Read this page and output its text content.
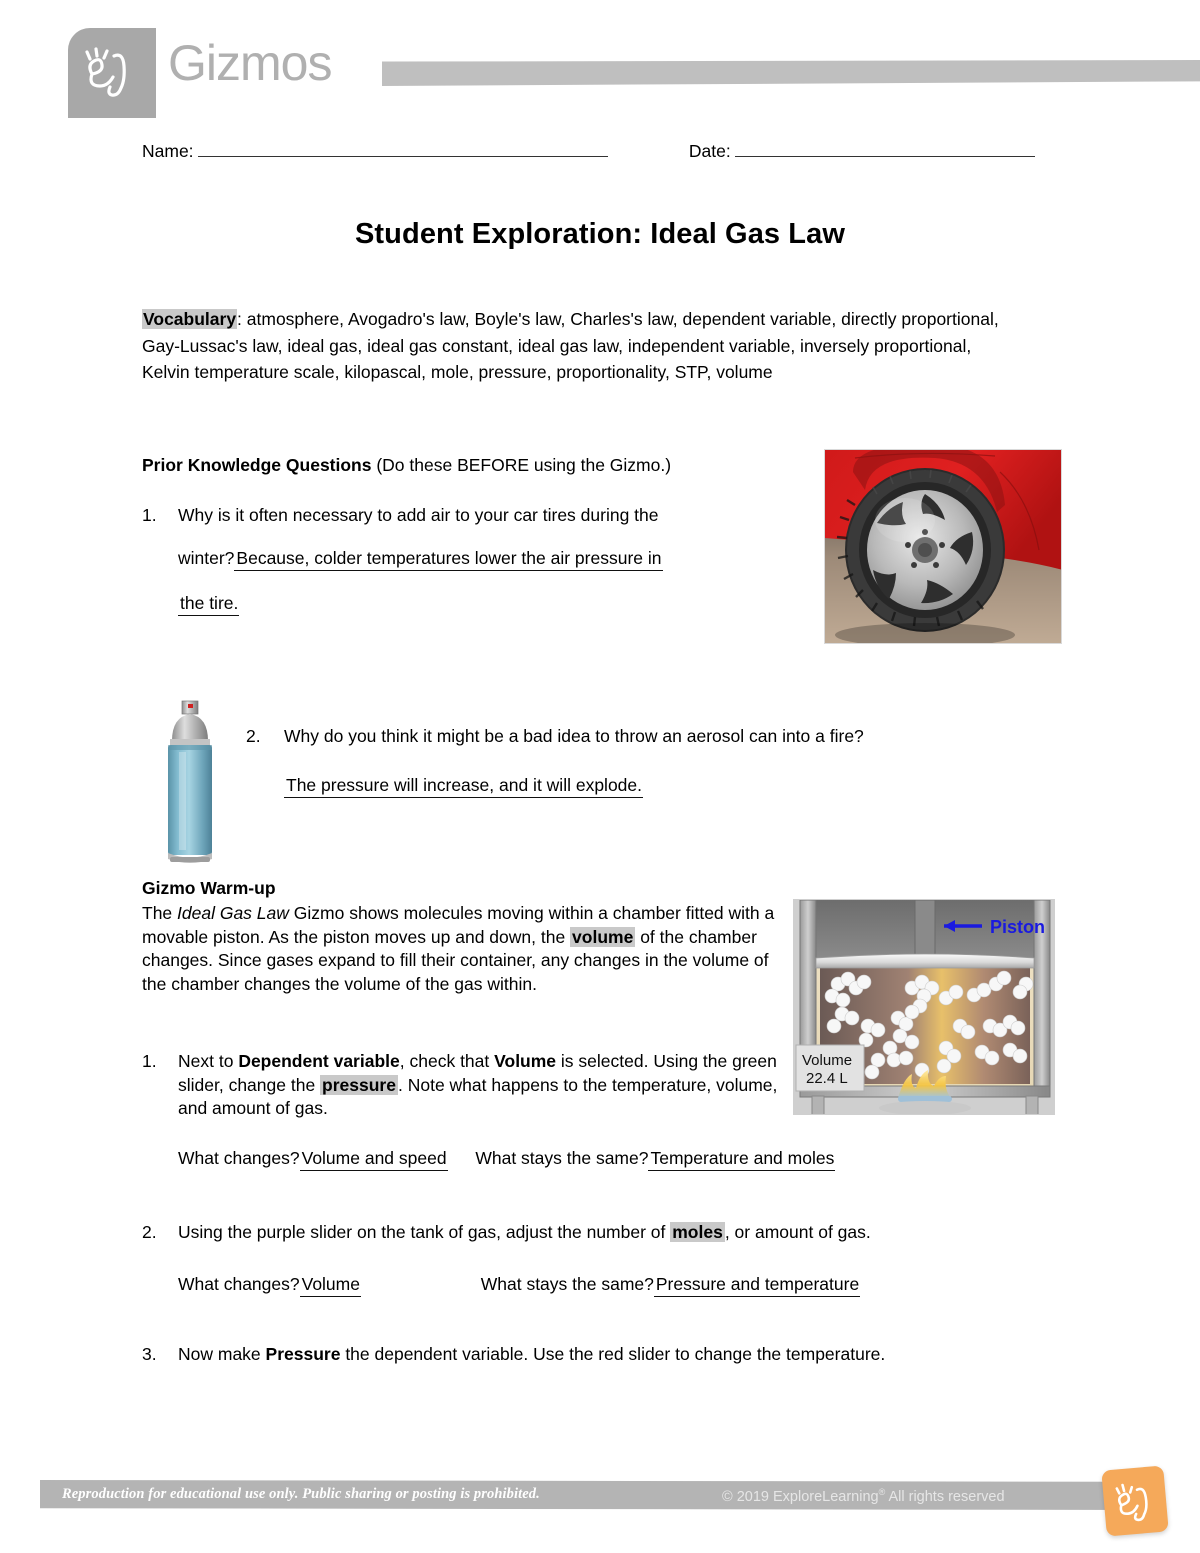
Gizmos
Name:	Date:
Student Exploration: Ideal Gas Law
Vocabulary: atmosphere, Avogadro's law, Boyle's law, Charles's law, dependent variable, directly proportional, Gay-Lussac's law, ideal gas, ideal gas constant, ideal gas law, independent variable, inversely proportional, Kelvin temperature scale, kilopascal, mole, pressure, proportionality, STP, volume
Prior Knowledge Questions (Do these BEFORE using the Gizmo.)
1.	Why is it often necessary to add air to your car tires during the
winter?Because, colder temperatures lower the air pressure in
the tire.
2.	Why do you think it might be a bad idea to throw an aerosol can into a fire?
The pressure will increase, and it will explode.
Gizmo Warm-up
The Ideal Gas Law Gizmo shows molecules moving within a chamber fitted with a movable piston. As the piston moves up and down, the volume of the chamber changes. Since gases expand to fill their container, any changes in the volume of the chamber changes the volume of the gas within.
Piston
Volume
22.4 L
1.	Next to Dependent variable, check that Volume is selected. Using the green slider, change the pressure . Note what happens to the temperature, volume, and amount of gas.
What changes?Volume and speed  What stays the same?Temperature and moles
2.	Using the purple slider on the tank of gas, adjust the number of moles , or amount of gas.
What changes?Volume	What stays the same?Pressure and temperature
3.	Now make Pressure the dependent variable. Use the red slider to change the temperature.
Reproduction for educational use only. Public sharing or posting is prohibited.	© 2019 ExploreLearning® All rights reserved
